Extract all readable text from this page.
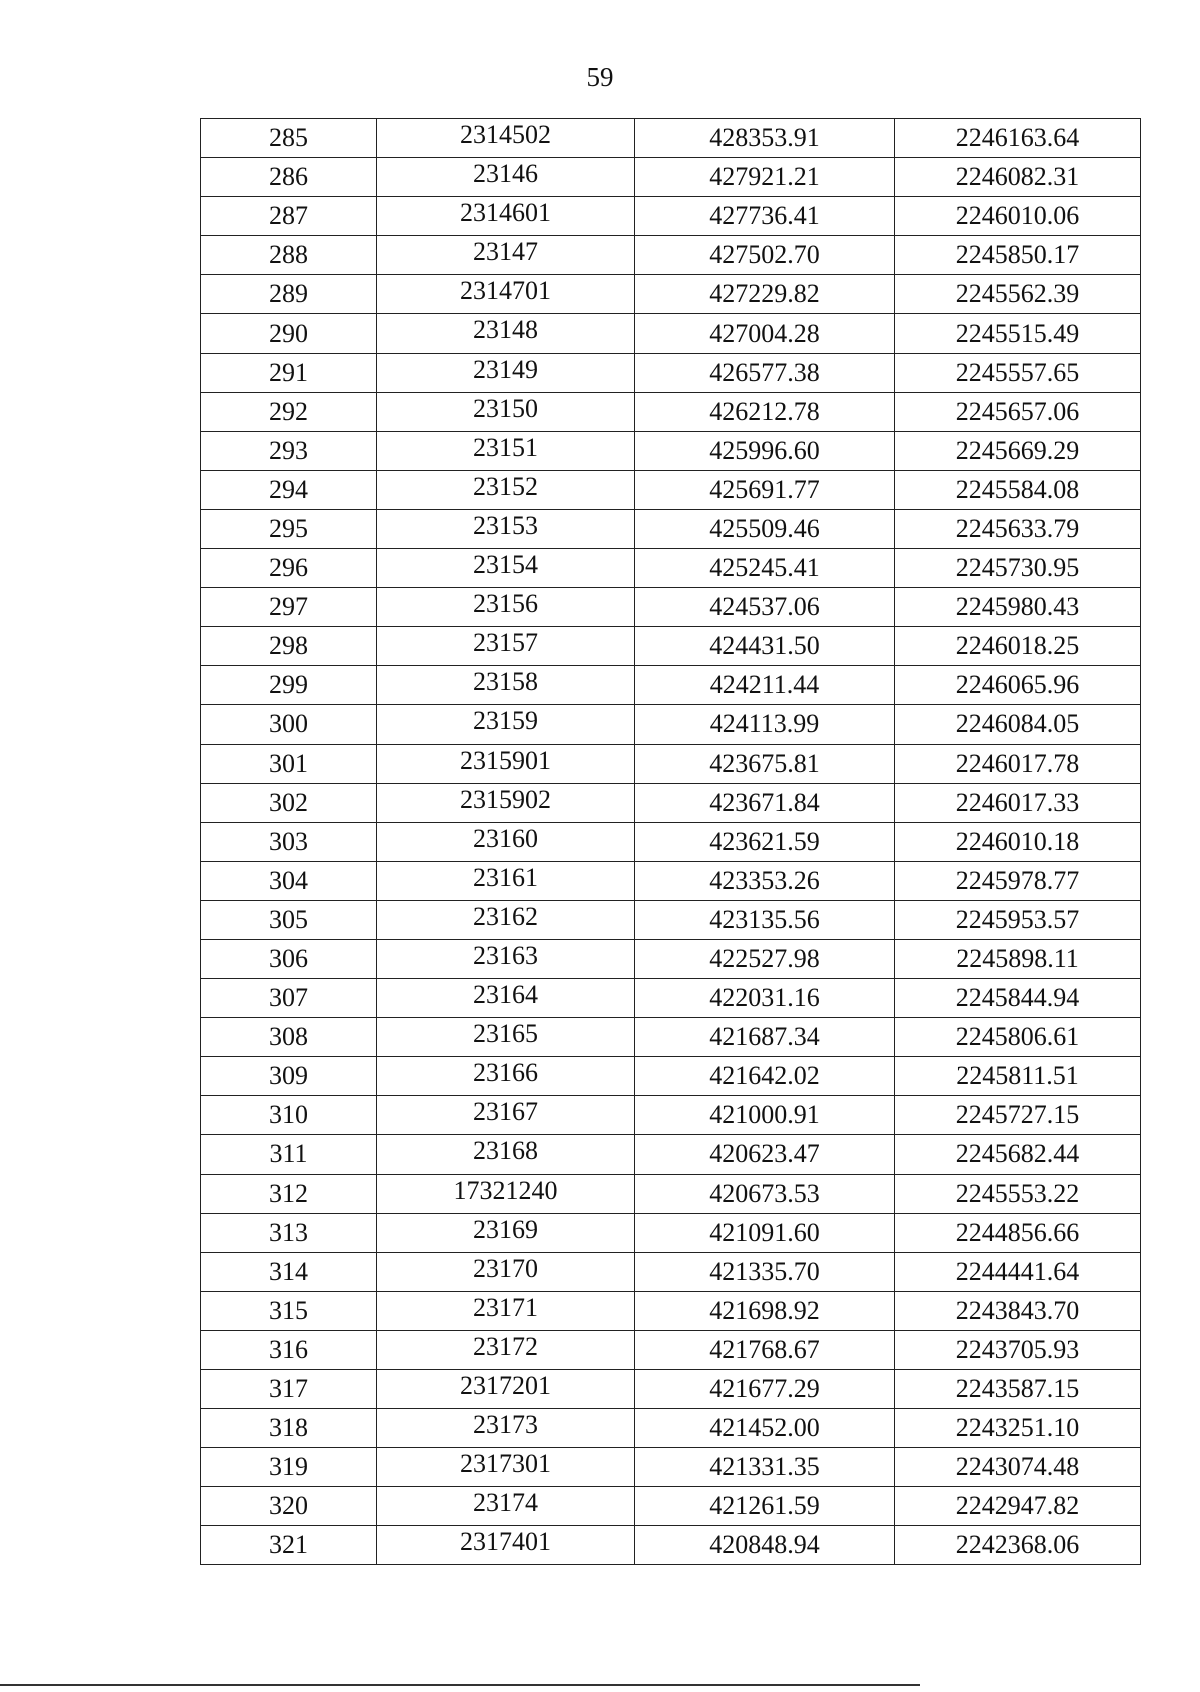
59
285	2314502	428353.91	2246163.64
286	23146	427921.21	2246082.31
287	2314601	427736.41	2246010.06
288	23147	427502.70	2245850.17
289	2314701	427229.82	2245562.39
290	23148	427004.28	2245515.49
291	23149	426577.38	2245557.65
292	23150	426212.78	2245657.06
293	23151	425996.60	2245669.29
294	23152	425691.77	2245584.08
295	23153	425509.46	2245633.79
296	23154	425245.41	2245730.95
297	23156	424537.06	2245980.43
298	23157	424431.50	2246018.25
299	23158	424211.44	2246065.96
300	23159	424113.99	2246084.05
301	2315901	423675.81	2246017.78
302	2315902	423671.84	2246017.33
303	23160	423621.59	2246010.18
304	23161	423353.26	2245978.77
305	23162	423135.56	2245953.57
306	23163	422527.98	2245898.11
307	23164	422031.16	2245844.94
308	23165	421687.34	2245806.61
309	23166	421642.02	2245811.51
310	23167	421000.91	2245727.15
311	23168	420623.47	2245682.44
312	17321240	420673.53	2245553.22
313	23169	421091.60	2244856.66
314	23170	421335.70	2244441.64
315	23171	421698.92	2243843.70
316	23172	421768.67	2243705.93
317	2317201	421677.29	2243587.15
318	23173	421452.00	2243251.10
319	2317301	421331.35	2243074.48
320	23174	421261.59	2242947.82
321	2317401	420848.94	2242368.06
